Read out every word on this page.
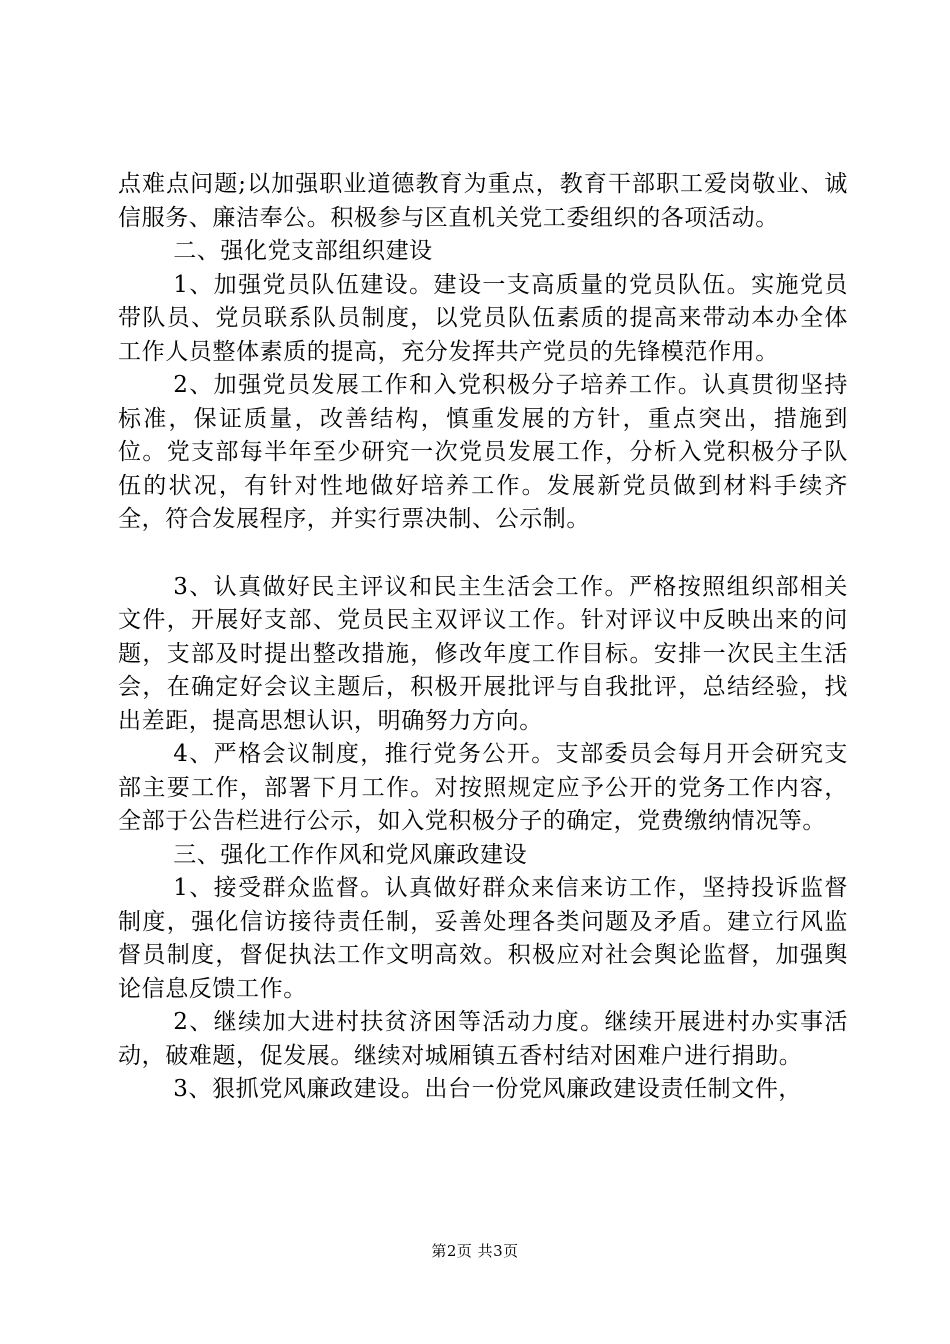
点难点问题;以加强职业道德教育为重点，教育干部职工爱岗敬业、诚信服务、廉洁奉公。积极参与区直机关党工委组织的各项活动。

二、强化党支部组织建设

1、加强党员队伍建设。建设一支高质量的党员队伍。实施党员带队员、党员联系队员制度，以党员队伍素质的提高来带动本办全体工作人员整体素质的提高，充分发挥共产党员的先锋模范作用。

2、加强党员发展工作和入党积极分子培养工作。认真贯彻坚持标准，保证质量，改善结构，慎重发展的方针，重点突出，措施到位。党支部每半年至少研究一次党员发展工作，分析入党积极分子队伍的状况，有针对性地做好培养工作。发展新党员做到材料手续齐全，符合发展程序，并实行票决制、公示制。

3、认真做好民主评议和民主生活会工作。严格按照组织部相关文件，开展好支部、党员民主双评议工作。针对评议中反映出来的问题，支部及时提出整改措施，修改年度工作目标。安排一次民主生活会，在确定好会议主题后，积极开展批评与自我批评，总结经验，找出差距，提高思想认识，明确努力方向。

4、严格会议制度，推行党务公开。支部委员会每月开会研究支部主要工作，部署下月工作。对按照规定应予公开的党务工作内容，全部于公告栏进行公示，如入党积极分子的确定，党费缴纳情况等。

三、强化工作作风和党风廉政建设

1、接受群众监督。认真做好群众来信来访工作，坚持投诉监督制度，强化信访接待责任制，妥善处理各类问题及矛盾。建立行风监督员制度，督促执法工作文明高效。积极应对社会舆论监督，加强舆论信息反馈工作。

2、继续加大进村扶贫济困等活动力度。继续开展进村办实事活动，破难题，促发展。继续对城厢镇五香村结对困难户进行捐助。

3、狠抓党风廉政建设。出台一份党风廉政建设责任制文件，

第2页 共3页
